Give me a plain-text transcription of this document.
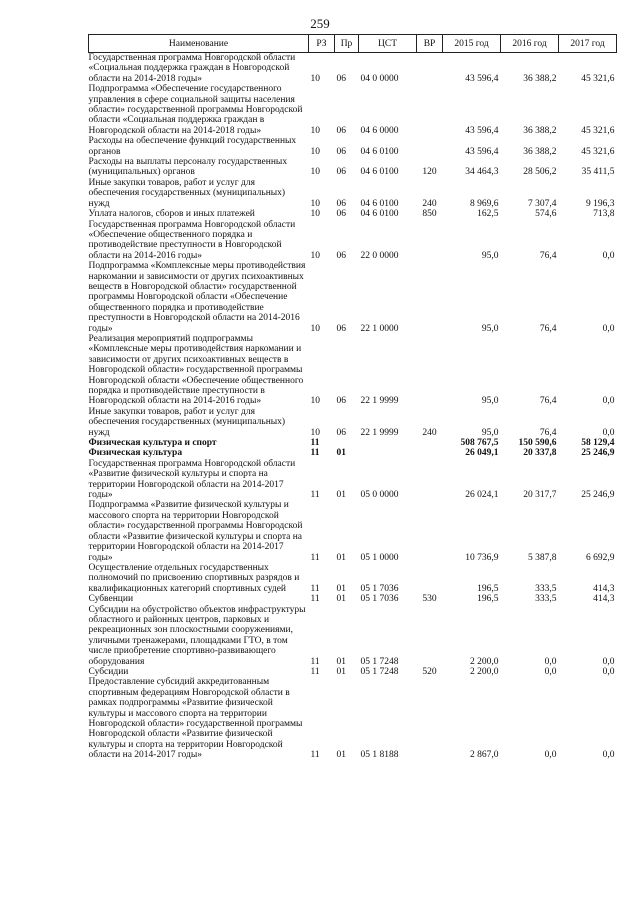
259
Наименование	РЗ	Пр	ЦСТ	ВР	2015 год	2016 год	2017 год
Государственная программа Новгородской области «Социальная поддержка граждан в Новгородской области на 2014-2018 годы»	10	06	04 0 0000		43 596,4	36 388,2	45 321,6
Подпрограмма «Обеспечение государственного управления в сфере социальной защиты населения области» государственной программы Новгородской области «Социальная поддержка граждан в Новгородской области на 2014-2018 годы»	10	06	04 6 0000		43 596,4	36 388,2	45 321,6
Расходы на обеспечение функций государственных органов	10	06	04 6 0100		43 596,4	36 388,2	45 321,6
Расходы на выплаты персоналу государственных (муниципальных) органов	10	06	04 6 0100	120	34 464,3	28 506,2	35 411,5
Иные закупки товаров, работ и услуг для обеспечения государственных (муниципальных) нужд	10	06	04 6 0100	240	8 969,6	7 307,4	9 196,3
Уплата налогов, сборов и иных платежей	10	06	04 6 0100	850	162,5	574,6	713,8
Государственная программа Новгородской области «Обеспечение общественного порядка и противодействие преступности в Новгородской области на 2014-2016 годы»	10	06	22 0 0000		95,0	76,4	0,0
Подпрограмма «Комплексные меры противодействия наркомании и зависимости от других психоактивных веществ в Новгородской области» государственной программы Новгородской области «Обеспечение общественного порядка и противодействие преступности в Новгородской области на 2014-2016 годы»	10	06	22 1 0000		95,0	76,4	0,0
Реализация мероприятий подпрограммы «Комплексные меры противодействия наркомании и зависимости от других психоактивных веществ в Новгородской области» государственной программы Новгородской области «Обеспечение общественного порядка и противодействие преступности в Новгородской области на 2014-2016 годы»	10	06	22 1 9999		95,0	76,4	0,0
Иные закупки товаров, работ и услуг для обеспечения государственных (муниципальных) нужд	10	06	22 1 9999	240	95,0	76,4	0,0
Физическая культура и спорт	11				508 767,5	150 590,6	58 129,4
Физическая культура	11	01			26 049,1	20 337,8	25 246,9
Государственная программа Новгородской области «Развитие физической культуры и спорта на территории Новгородской области на 2014-2017 годы»	11	01	05 0 0000		26 024,1	20 317,7	25 246,9
Подпрограмма «Развитие физической культуры и массового спорта на территории Новгородской области» государственной программы Новгородской области «Развитие физической культуры и спорта на территории Новгородской области на 2014-2017 годы»	11	01	05 1 0000		10 736,9	5 387,8	6 692,9
Осуществление отдельных государственных полномочий по присвоению спортивных разрядов и квалификационных категорий спортивных судей	11	01	05 1 7036		196,5	333,5	414,3
Субвенции	11	01	05 1 7036	530	196,5	333,5	414,3
Субсидии на обустройство объектов инфраструктуры областного и районных центров, парковых и рекреационных зон плоскостными сооружениями, уличными тренажерами, площадками ГТО, в том числе приобретение спортивно-развивающего оборудования	11	01	05 1 7248		2 200,0	0,0	0,0
Субсидии	11	01	05 1 7248	520	2 200,0	0,0	0,0
Предоставление субсидий аккредитованным спортивным федерациям Новгородской области в рамках подпрограммы «Развитие физической культуры и массового спорта на территории Новгородской области» государственной программы Новгородской области «Развитие физической культуры и спорта на территории Новгородской области на 2014-2017 годы»	11	01	05 1 8188		2 867,0	0,0	0,0
